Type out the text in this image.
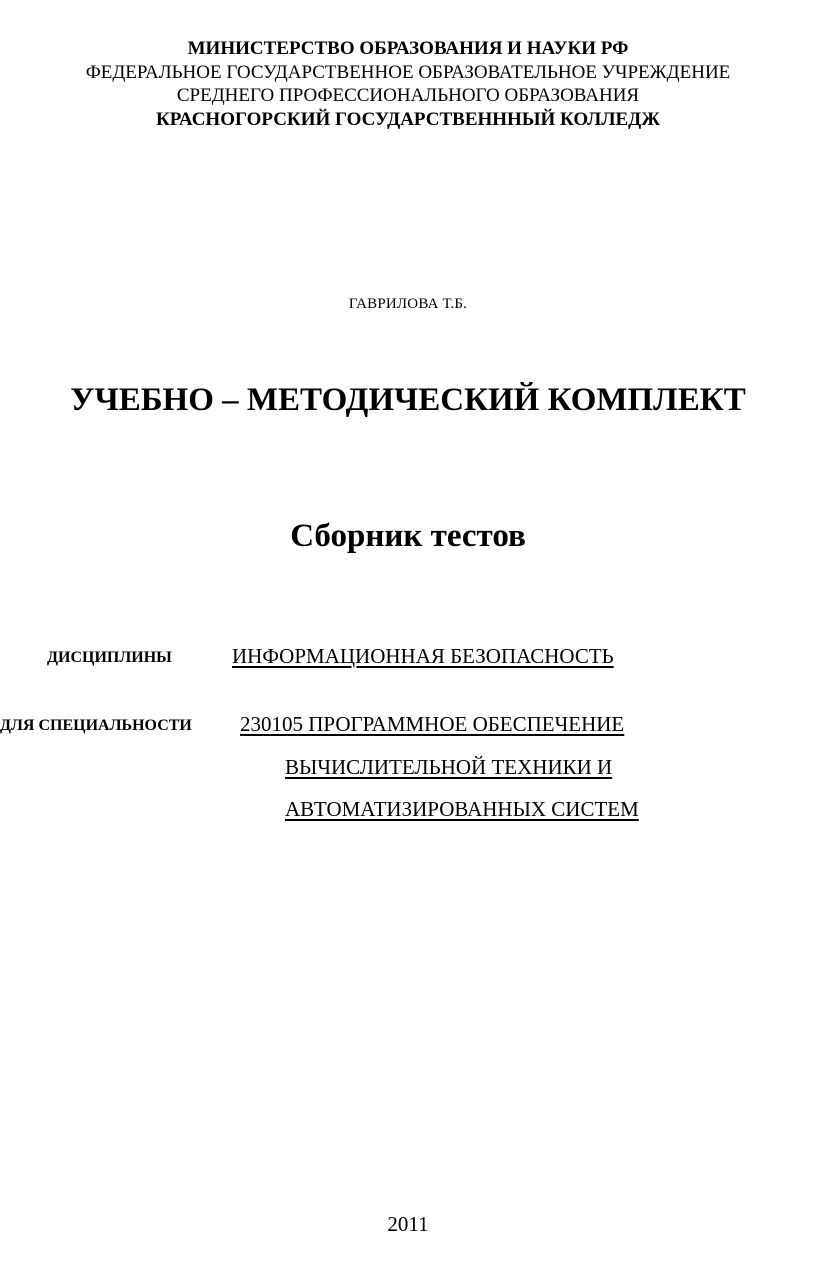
МИНИСТЕРСТВО ОБРАЗОВАНИЯ И НАУКИ РФ
ФЕДЕРАЛЬНОЕ ГОСУДАРСТВЕННОЕ ОБРАЗОВАТЕЛЬНОЕ УЧРЕЖДЕНИЕ
СРЕДНЕГО ПРОФЕССИОНАЛЬНОГО ОБРАЗОВАНИЯ
КРАСНОГОРСКИЙ ГОСУДАРСТВЕНННЫЙ КОЛЛЕДЖ
ГАВРИЛОВА Т.Б.
УЧЕБНО – МЕТОДИЧЕСКИЙ КОМПЛЕКТ
Сборник тестов
ДИСЦИПЛИНЫ	ИНФОРМАЦИОННАЯ БЕЗОПАСНОСТЬ
ДЛЯ СПЕЦИАЛЬНОСТИ 230105 ПРОГРАММНОЕ ОБЕСПЕЧЕНИЕ
ВЫЧИСЛИТЕЛЬНОЙ ТЕХНИКИ И
АВТОМАТИЗИРОВАННЫХ СИСТЕМ
2011
